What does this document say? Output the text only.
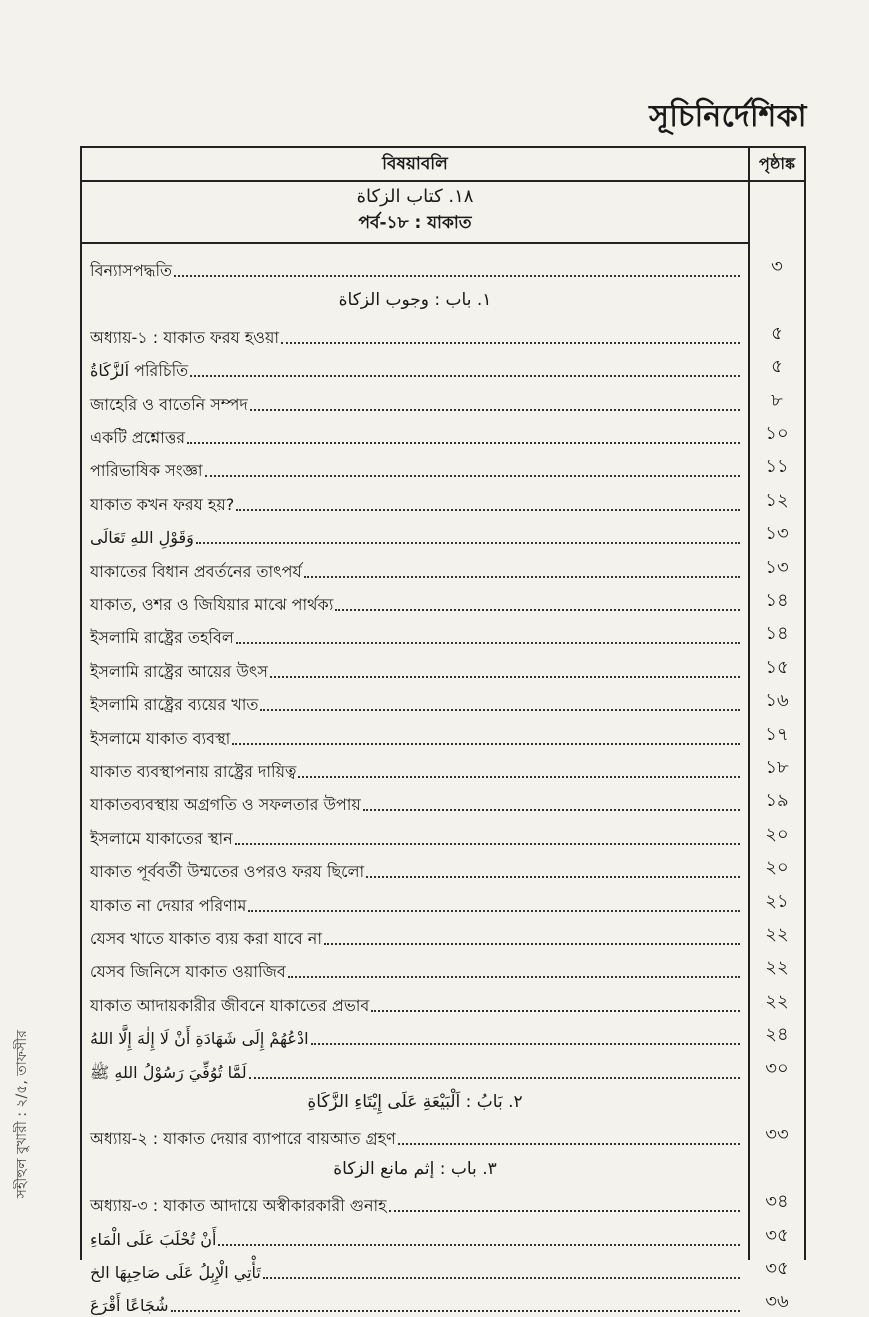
সূচিনির্দেশিকা
বিষয়াবলি	পৃষ্ঠাঙ্ক
١٨. كتاب الزكاة
পর্ব-১৮ : যাকাত
বিন্যাসপদ্ধতি	৩
١. باب : وجوب الزكاة
অধ্যায়-১ : যাকাত ফরয হওয়া	৫
اَلزَّكَاةُ পরিচিতি	৫
জাহেরি ও বাতেনি সম্পদ	৮
একটি প্রশ্নোত্তর	১০
পারিভাষিক সংজ্ঞা	১১
যাকাত কখন ফরয হয়?	১২
وَقَوْلِ اللهِ تَعَالَى	১৩
যাকাতের বিধান প্রবর্তনের তাৎপর্য	১৩
যাকাত, ওশর ও জিযিয়ার মাঝে পার্থক্য	১৪
ইসলামি রাষ্ট্রের তহবিল	১৪
ইসলামি রাষ্ট্রের আয়ের উৎস	১৫
ইসলামি রাষ্ট্রের ব্যয়ের খাত	১৬
ইসলামে যাকাত ব্যবস্থা	১৭
যাকাত ব্যবস্থাপনায় রাষ্ট্রের দায়িত্ব	১৮
যাকাতব্যবস্থায় অগ্রগতি ও সফলতার উপায়	১৯
ইসলামে যাকাতের স্থান	২০
যাকাত পূর্ববর্তী উম্মতের ওপরও ফরয ছিলো	২০
যাকাত না দেয়ার পরিণাম	২১
যেসব খাতে যাকাত ব্যয় করা যাবে না	২২
যেসব জিনিসে যাকাত ওয়াজিব	২২
যাকাত আদায়কারীর জীবনে যাকাতের প্রভাব	২২
ادْعُهُمْ إِلَى شَهَادَةِ أَنْ لَا إِلٰهَ إِلَّا اللهُ	২৪
لَمَّا تُوُفِّيَ رَسُوْلُ اللهِ ﷺ	৩০
٢. بَابُ : اَلْبَيْعَةِ عَلَى إِيْتَاءِ الزَّكَاةِ
অধ্যায়-২ : যাকাত দেয়ার ব্যাপারে বায়আত গ্রহণ	৩৩
٣. باب : إثم مانع الزكاة
অধ্যায়-৩ : যাকাত আদায়ে অস্বীকারকারী গুনাহ	৩৪
أَنْ تُحْلَبَ عَلَى الْمَاءِ	৩৫
تَأْتِي الْإِبِلُ عَلَى صَاحِبِهَا الخ	৩৫
شُجَاعًا أَقْرَعَ	৩৬
সহীহুল বুখারী : ২/৫, তাফসীর
